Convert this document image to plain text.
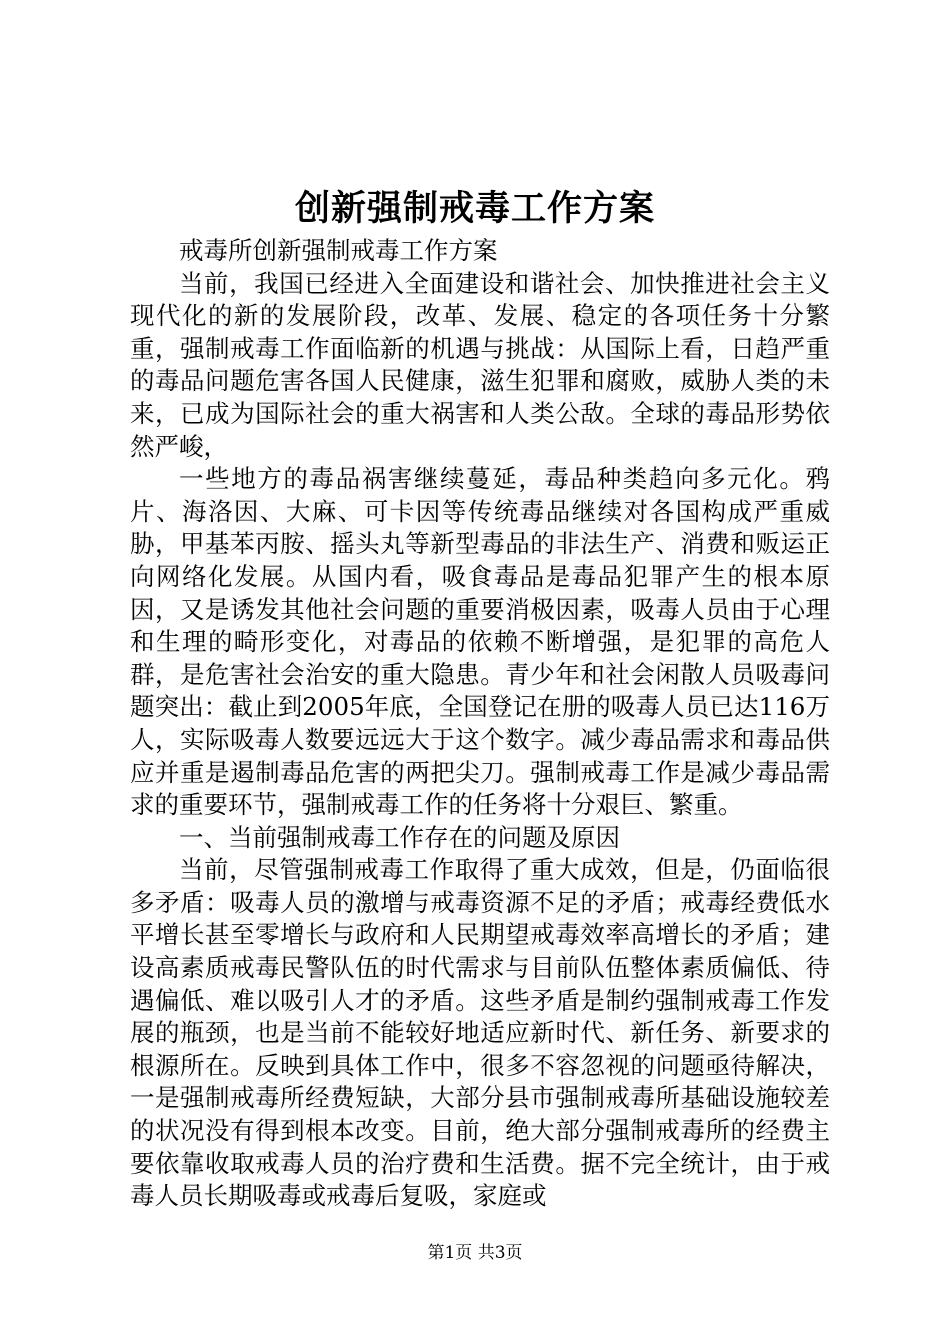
创新强制戒毒工作方案

戒毒所创新强制戒毒工作方案

当前，我国已经进入全面建设和谐社会、加快推进社会主义现代化的新的发展阶段，改革、发展、稳定的各项任务十分繁重，强制戒毒工作面临新的机遇与挑战：从国际上看，日趋严重的毒品问题危害各国人民健康，滋生犯罪和腐败，威胁人类的未来，已成为国际社会的重大祸害和人类公敌。全球的毒品形势依然严峻，

一些地方的毒品祸害继续蔓延，毒品种类趋向多元化。鸦片、海洛因、大麻、可卡因等传统毒品继续对各国构成严重威胁，甲基苯丙胺、摇头丸等新型毒品的非法生产、消费和贩运正向网络化发展。从国内看，吸食毒品是毒品犯罪产生的根本原因，又是诱发其他社会问题的重要消极因素，吸毒人员由于心理和生理的畸形变化，对毒品的依赖不断增强，是犯罪的高危人群，是危害社会治安的重大隐患。青少年和社会闲散人员吸毒问题突出：截止到2005年底，全国登记在册的吸毒人员已达116万人，实际吸毒人数要远远大于这个数字。减少毒品需求和毒品供应并重是遏制毒品危害的两把尖刀。强制戒毒工作是减少毒品需求的重要环节，强制戒毒工作的任务将十分艰巨、繁重。

一、当前强制戒毒工作存在的问题及原因

当前，尽管强制戒毒工作取得了重大成效，但是，仍面临很多矛盾：吸毒人员的激增与戒毒资源不足的矛盾；戒毒经费低水平增长甚至零增长与政府和人民期望戒毒效率高增长的矛盾；建设高素质戒毒民警队伍的时代需求与目前队伍整体素质偏低、待遇偏低、难以吸引人才的矛盾。这些矛盾是制约强制戒毒工作发展的瓶颈，也是当前不能较好地适应新时代、新任务、新要求的根源所在。反映到具体工作中，很多不容忽视的问题亟待解决，一是强制戒毒所经费短缺，大部分县市强制戒毒所基础设施较差的状况没有得到根本改变。目前，绝大部分强制戒毒所的经费主要依靠收取戒毒人员的治疗费和生活费。据不完全统计，由于戒毒人员长期吸毒或戒毒后复吸，家庭或

第1页 共3页
